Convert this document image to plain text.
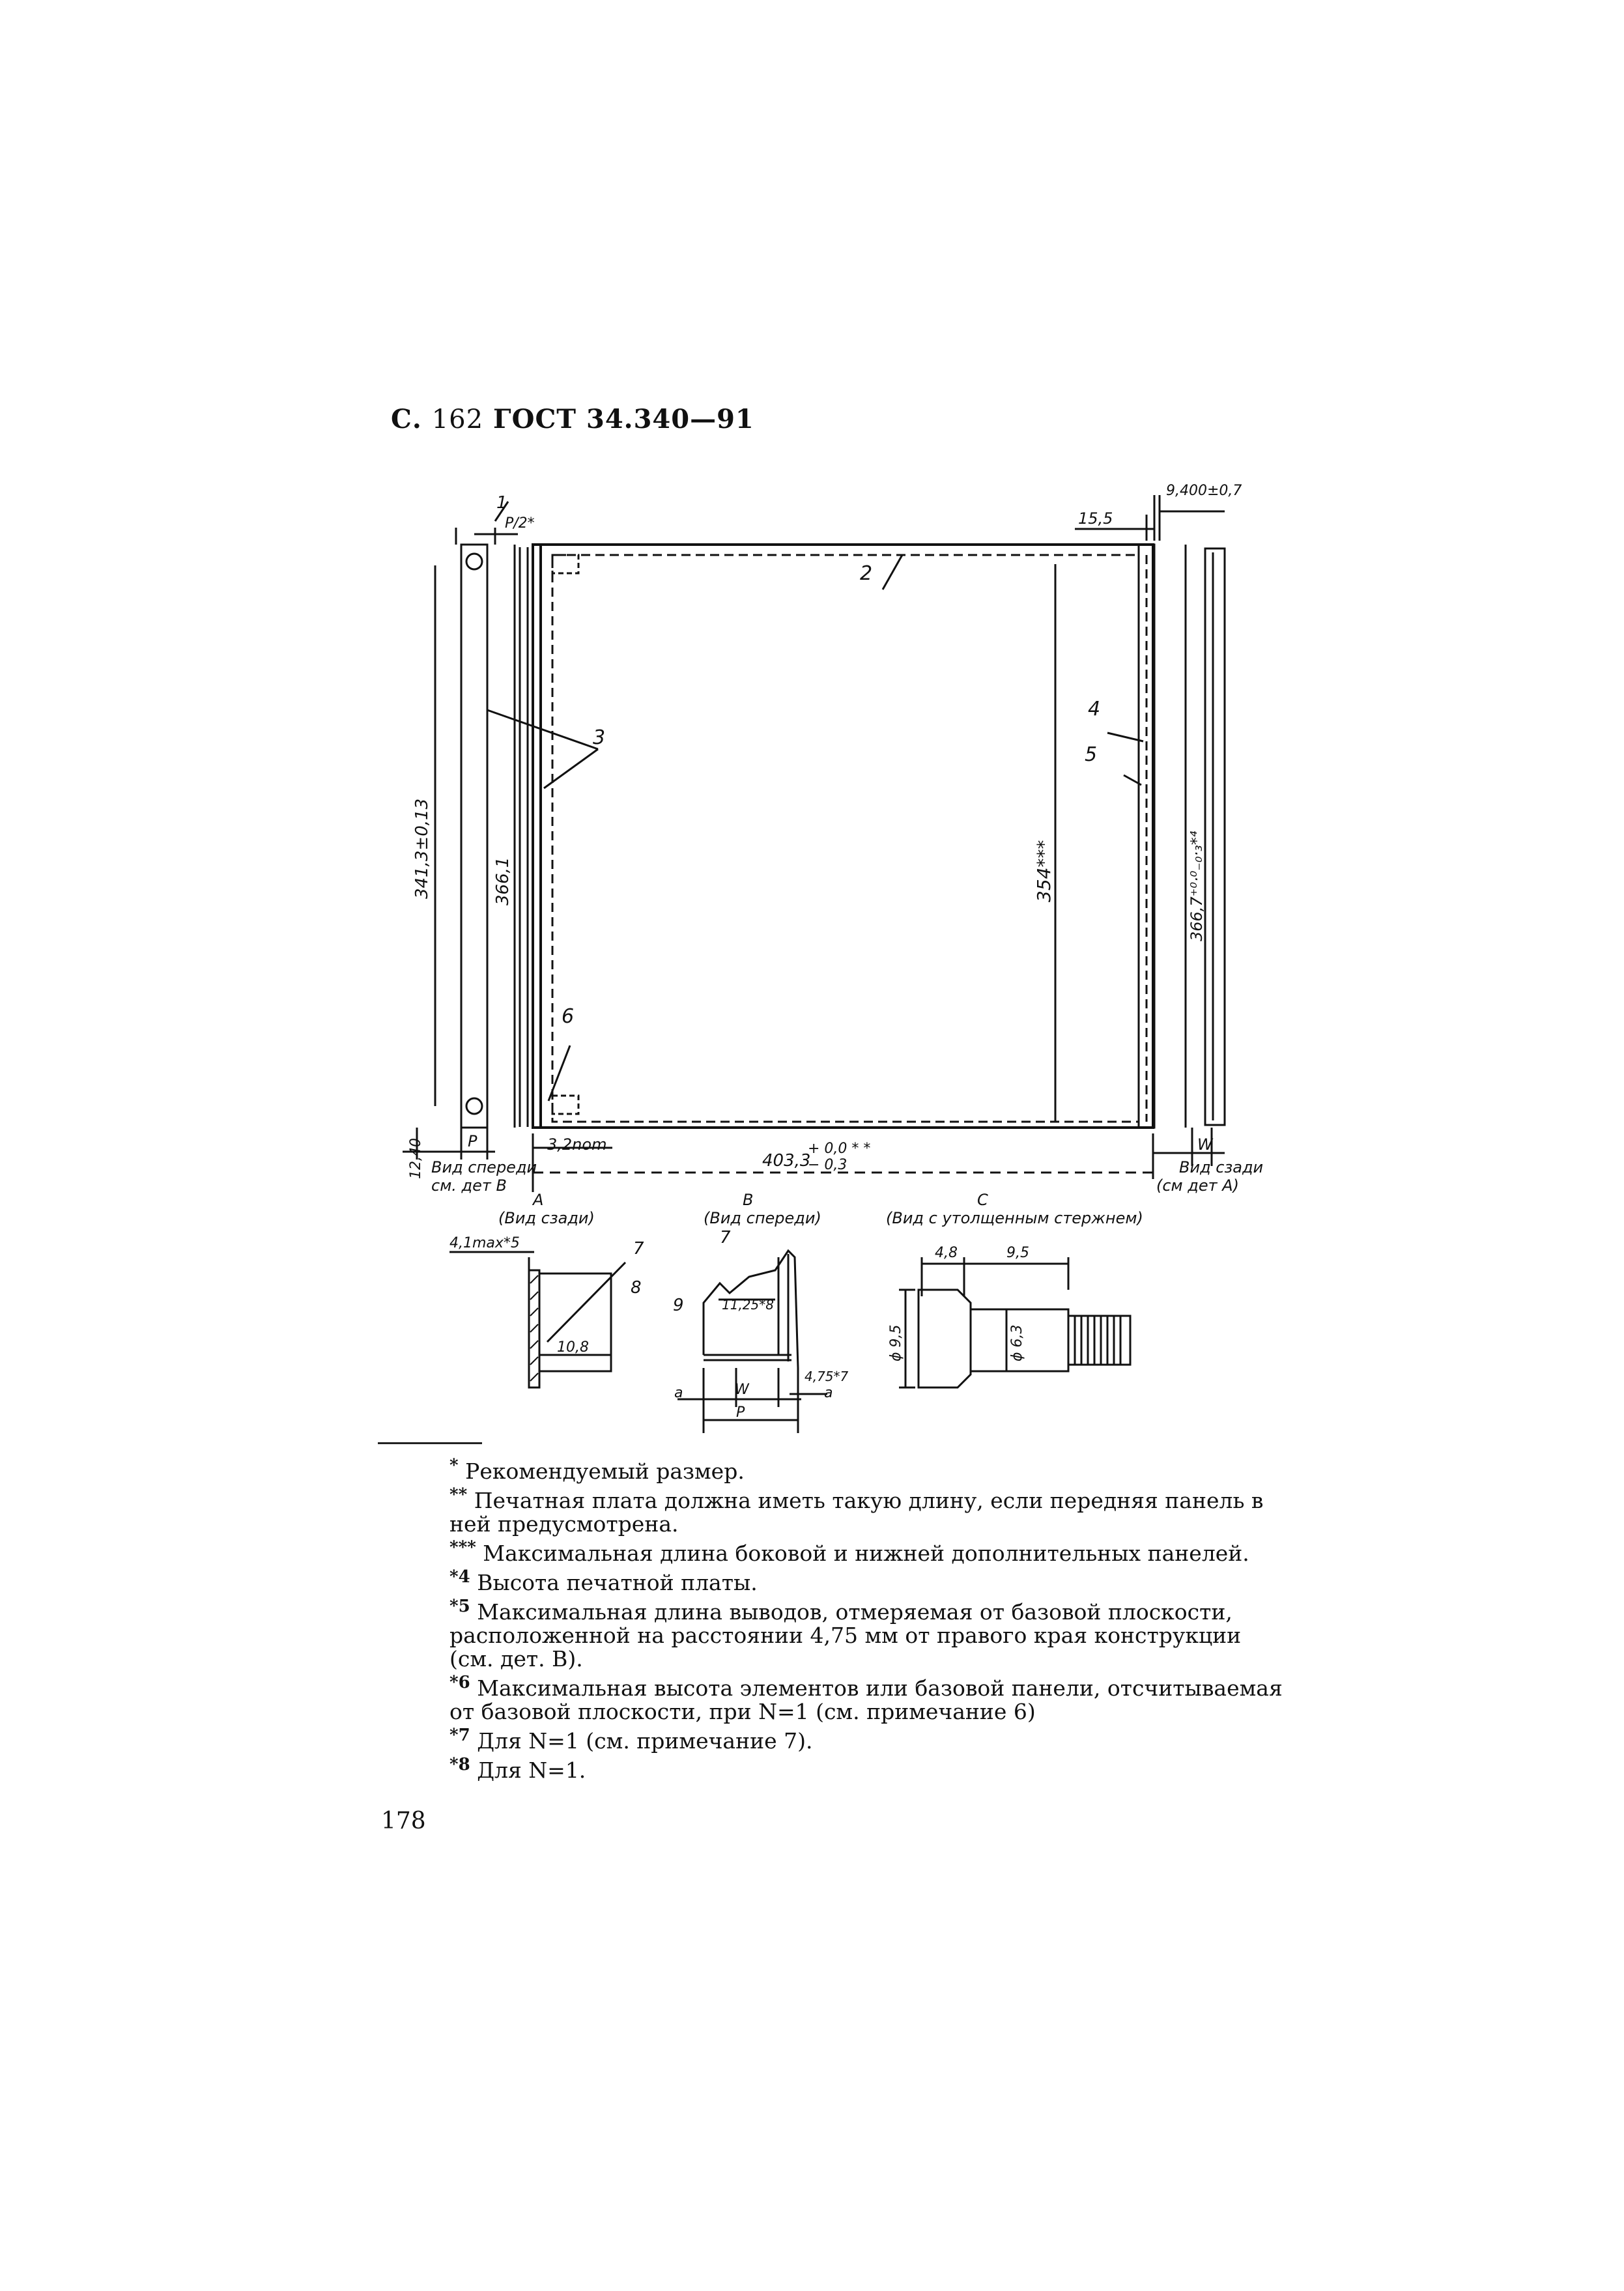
С. 162 ГОСТ 34.340—91
1
P/2*
9,400±0,7
15,5
2
3
4
5
6
341,3±0,13	366,1	354***	366,7⁺⁰·⁰₋₀·₃*⁴
12,40	P	3,2nom
403,3
+ 0,0 * *
− 0,3
W
Вид спереди
см. дет B
Вид сзади
(см дет A)
A
(Вид сзади)
4,1max*5	7
8
10,8
B
(Вид спереди)
7
9	11,25*8
4,75*7
a	a
W
P
C
(Вид с утолщенным стержнем)
4,8	9,5
ϕ 9,5	ϕ 6,3

* Рекомендуемый размер.

** Печатная плата должна иметь такую длину, если передняя панель в ней предусмотрена.

*** Максимальная длина боковой и нижней дополнительных панелей.

$^{*4}$ Высота печатной платы.

$^{*5}$ Максимальная длина выводов, отмеряемая от базовой плоскости, расположенной на расстоянии 4,75 мм от правого края конструкции (см. дет. B).

$^{*6}$ Максимальная высота элементов или базовой панели, отсчитываемая от базовой плоскости, при N=1 (см. примечание 6)

$^{*7}$ Для N=1 (см. примечание 7).

$^{*8}$ Для N=1.

178
